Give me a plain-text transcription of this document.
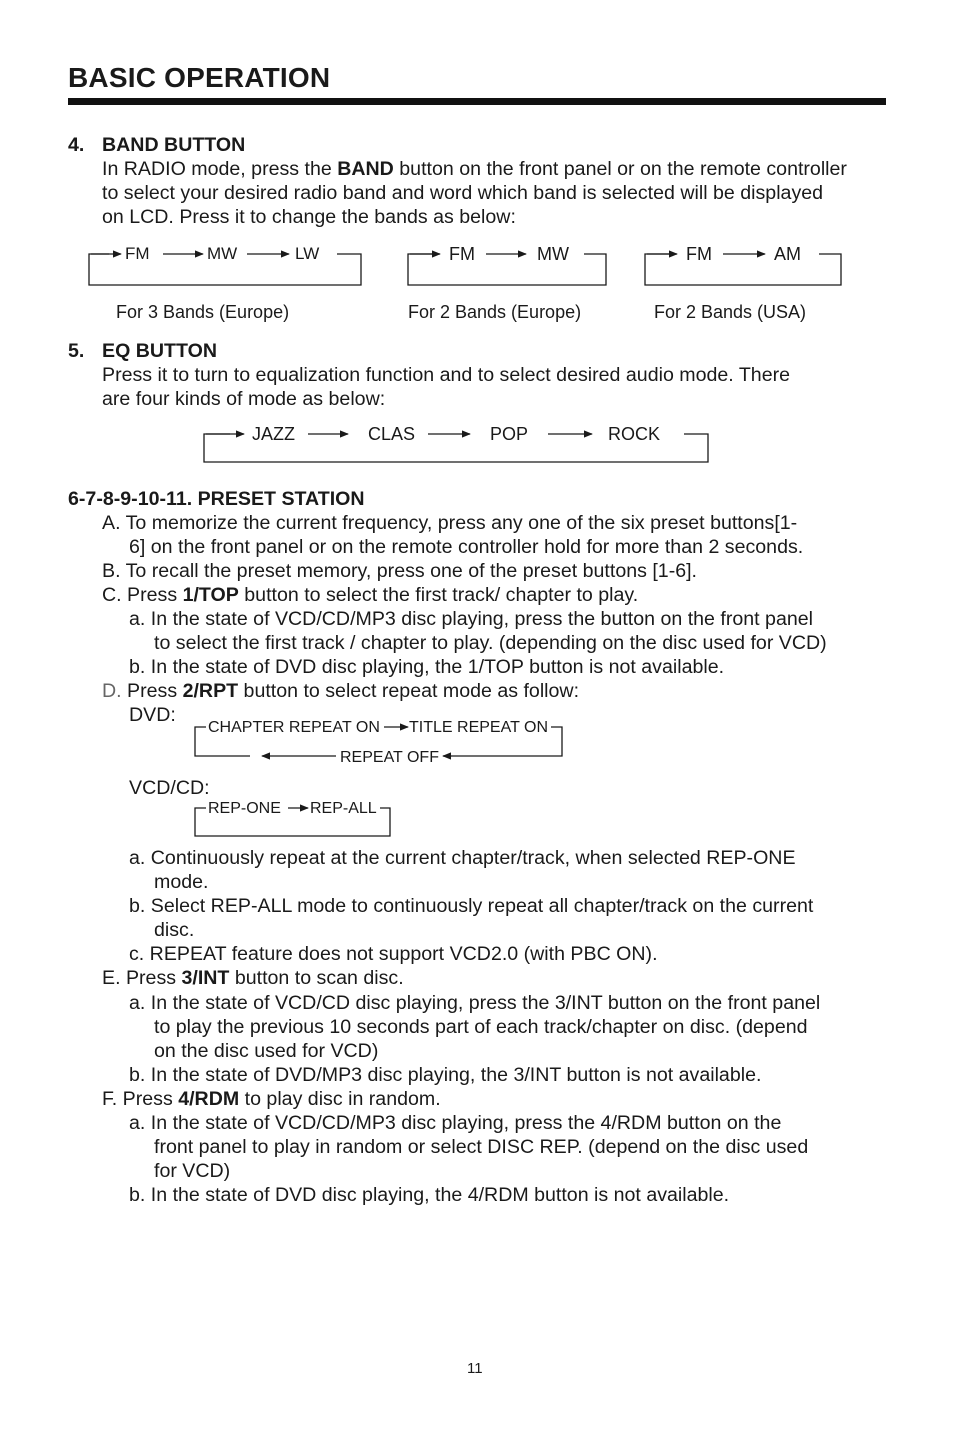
BASIC OPERATION
4. BAND BUTTON
In RADIO mode, press the BAND button on the front panel or on the remote controller
to select your desired radio band and word which band is selected will be displayed
on LCD. Press it to change the bands as below:
FM	MW	LW
For 3 Bands (Europe)
FM	MW
For 2 Bands (Europe)
FM	AM
For 2 Bands (USA)
5. EQ BUTTON
Press it to turn to equalization function and to select desired audio mode. There
are four kinds of mode as below:
JAZZ	CLAS	POP	ROCK
6-7-8-9-10-11. PRESET STATION
A. To memorize the current frequency, press any one of the six preset buttons[1-
6] on the front panel or on the remote controller hold for more than 2 seconds.
B. To recall the preset memory, press one of the preset buttons [1-6].
C. Press 1/TOP button to select the first track/ chapter to play.
a. In the state of VCD/CD/MP3 disc playing, press the button on the front panel
to select the first track / chapter to play. (depending on the disc used for VCD)
b. In the state of DVD disc playing, the 1/TOP button is not available.
D. Press 2/RPT button to select repeat mode as follow:
DVD:
CHAPTER REPEAT ON TITLE REPEAT ON
REPEAT OFF
VCD/CD:
REP-ONE REP-ALL
a. Continuously repeat at the current chapter/track, when selected REP-ONE
mode.
b. Select REP-ALL mode to continuously repeat all chapter/track on the current
disc.
c. REPEAT feature does not support VCD2.0 (with PBC ON).
E. Press 3/INT button to scan disc.
a. In the state of VCD/CD disc playing, press the 3/INT button on the front panel
to play the previous 10 seconds part of each track/chapter on disc. (depend
on the disc used for VCD)
b. In the state of DVD/MP3 disc playing, the 3/INT button is not available.
F. Press 4/RDM to play disc in random.
a. In the state of VCD/CD/MP3 disc playing, press the 4/RDM button on the
front panel to play in random or select DISC REP. (depend on the disc used
for VCD)
b. In the state of DVD disc playing, the 4/RDM button is not available.
11
